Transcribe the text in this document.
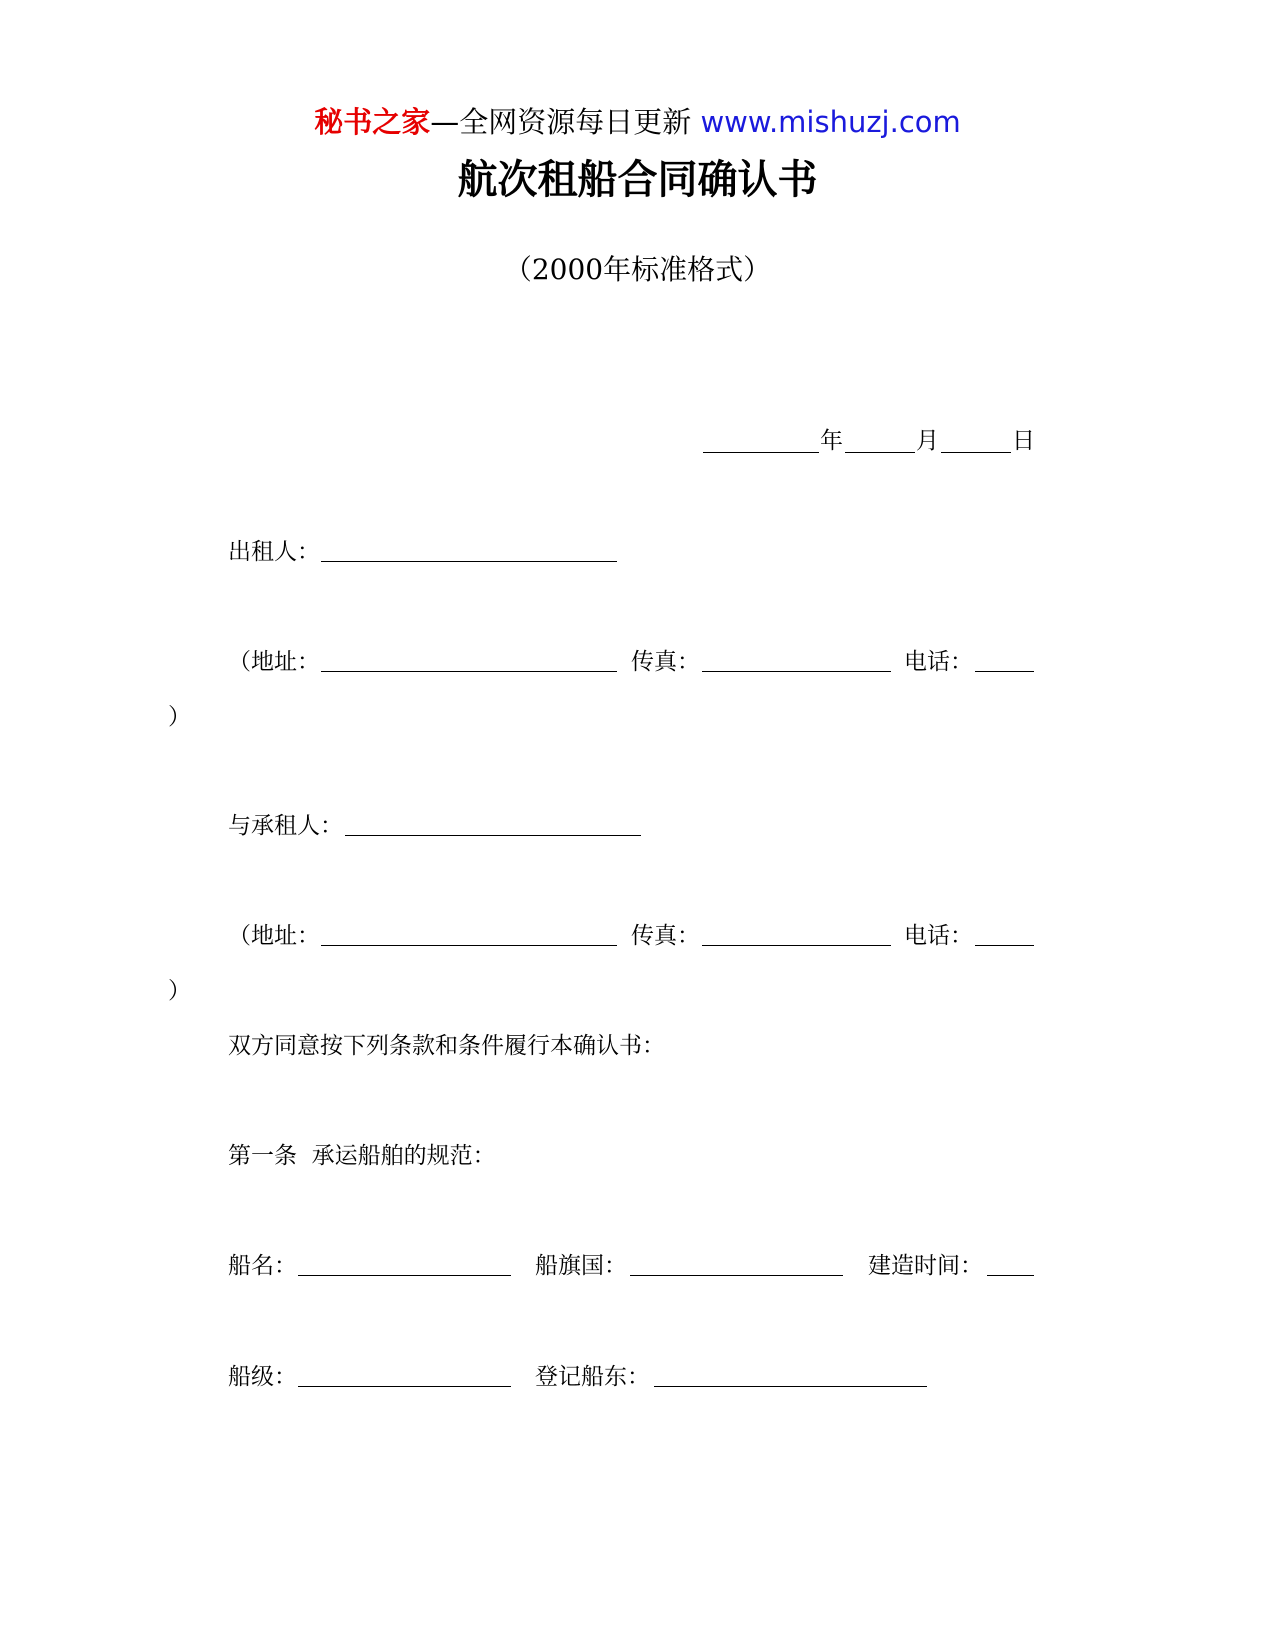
秘书之家—全网资源每日更新 www.mishuzj.com
航次租船合同确认书
（2000年标准格式）
年	月	日
出租人：
（地址：	传真：	电话：
）
与承租人：
（地址：	传真：	电话：
）
双方同意按下列条款和条件履行本确认书：
第一条  承运船舶的规范：
船名：	船旗国：	建造时间：
船级：	登记船东：
